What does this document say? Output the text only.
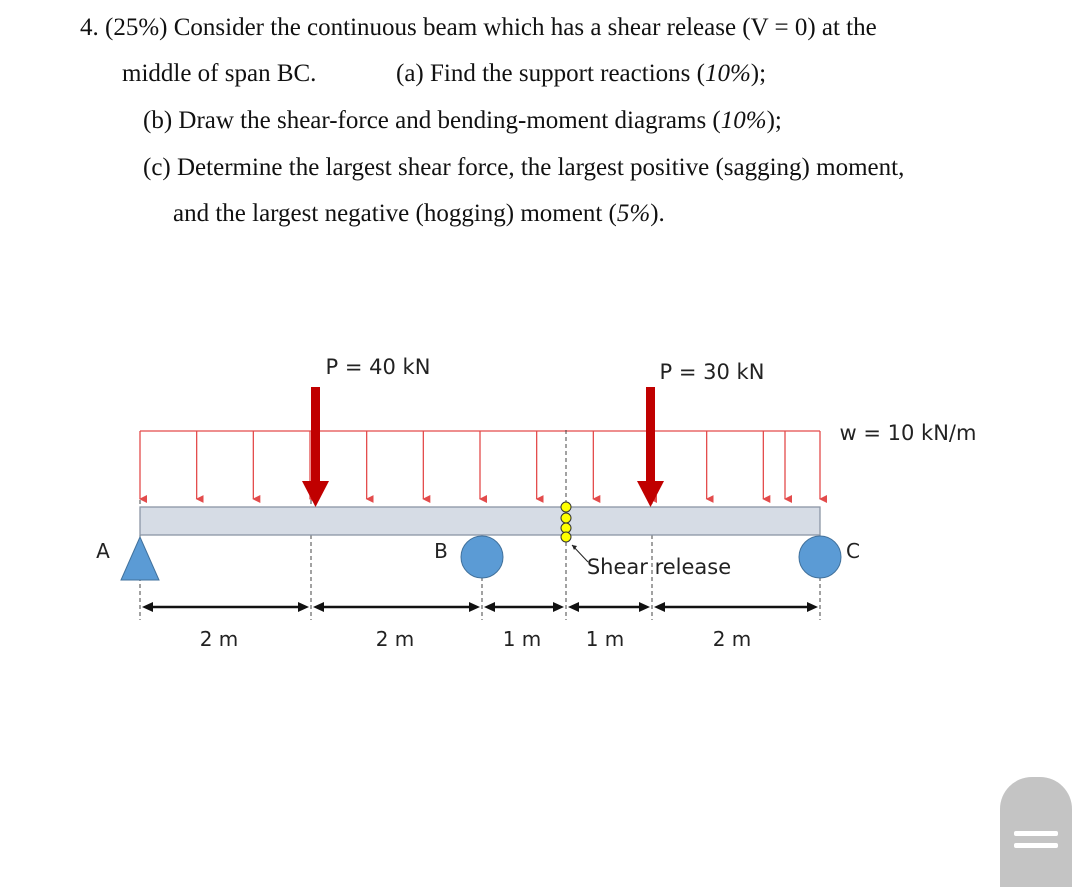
4. (25%) Consider the continuous beam which has a shear release (V = 0) at the
middle of span BC.	(a) Find the support reactions (10%);
(b) Draw the shear-force and bending-moment diagrams (10%);
(c) Determine the largest shear force, the largest positive (sagging) moment,
and the largest negative (hogging) moment (5%).
P = 40 kN	P = 30 kN
w = 10 kN/m
A	B	C
Shear release
2 m	2 m	1 m 1 m	2 m
